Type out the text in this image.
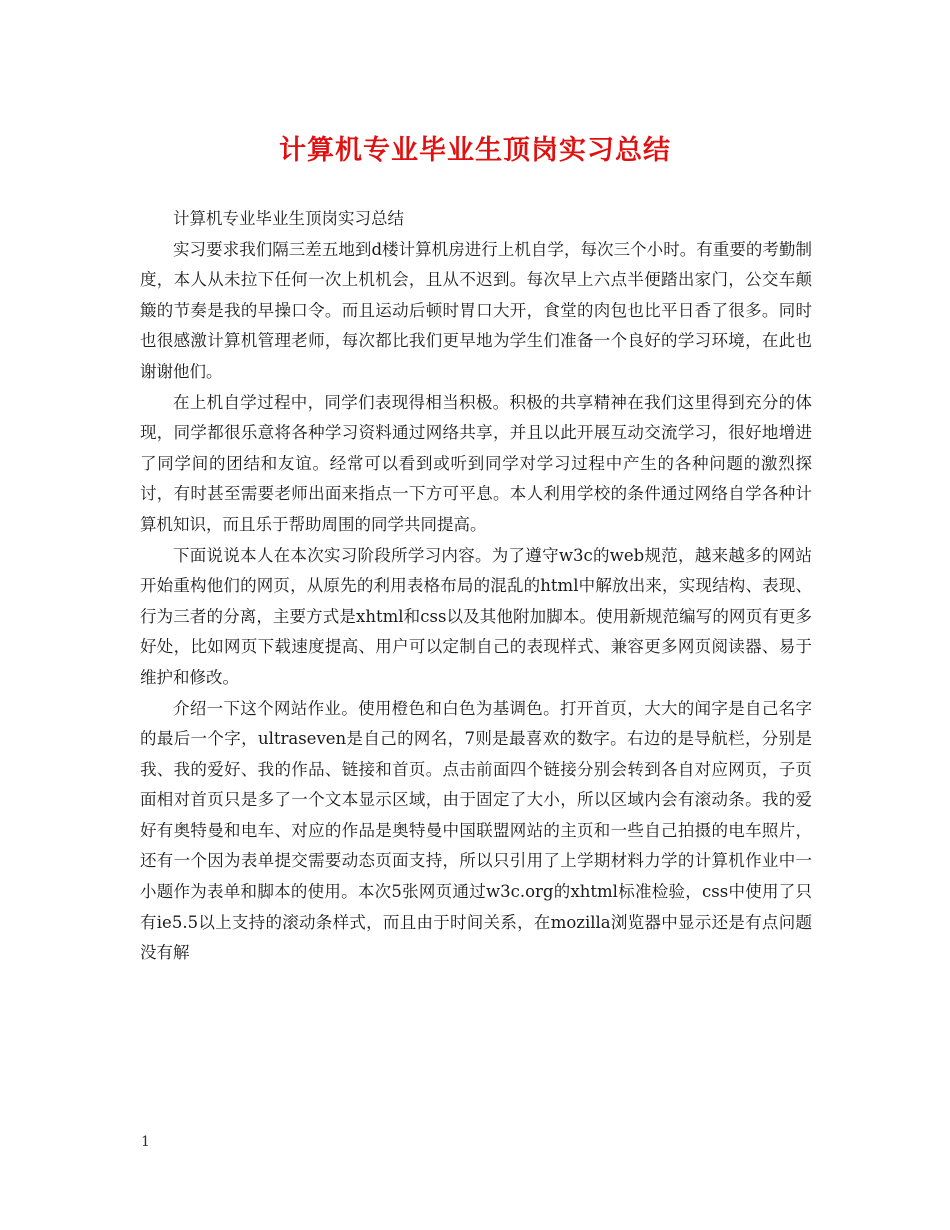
计算机专业毕业生顶岗实习总结

计算机专业毕业生顶岗实习总结

实习要求我们隔三差五地到d楼计算机房进行上机自学，每次三个小时。有重要的考勤制度，本人从未拉下任何一次上机机会，且从不迟到。每次早上六点半便踏出家门，公交车颠簸的节奏是我的早操口令。而且运动后顿时胃口大开，食堂的肉包也比平日香了很多。同时也很感激计算机管理老师，每次都比我们更早地为学生们准备一个良好的学习环境，在此也谢谢他们。

在上机自学过程中，同学们表现得相当积极。积极的共享精神在我们这里得到充分的体现，同学都很乐意将各种学习资料通过网络共享，并且以此开展互动交流学习，很好地增进了同学间的团结和友谊。经常可以看到或听到同学对学习过程中产生的各种问题的激烈探讨，有时甚至需要老师出面来指点一下方可平息。本人利用学校的条件通过网络自学各种计算机知识，而且乐于帮助周围的同学共同提高。

下面说说本人在本次实习阶段所学习内容。为了遵守w3c的web规范，越来越多的网站开始重构他们的网页，从原先的利用表格布局的混乱的html中解放出来，实现结构、表现、行为三者的分离，主要方式是xhtml和css以及其他附加脚本。使用新规范编写的网页有更多好处，比如网页下载速度提高、用户可以定制自己的表现样式、兼容更多网页阅读器、易于维护和修改。

介绍一下这个网站作业。使用橙色和白色为基调色。打开首页，大大的闻字是自己名字的最后一个字，ultraseven是自己的网名，7则是最喜欢的数字。右边的是导航栏，分别是我、我的爱好、我的作品、链接和首页。点击前面四个链接分别会转到各自对应网页，子页面相对首页只是多了一个文本显示区域，由于固定了大小，所以区域内会有滚动条。我的爱好有奥特曼和电车、对应的作品是奥特曼中国联盟网站的主页和一些自己拍摄的电车照片，还有一个因为表单提交需要动态页面支持，所以只引用了上学期材料力学的计算机作业中一小题作为表单和脚本的使用。本次5张网页通过w3c.org的xhtml标准检验，css中使用了只有ie5.5以上支持的滚动条样式，而且由于时间关系，在mozilla浏览器中显示还是有点问题没有解

1
